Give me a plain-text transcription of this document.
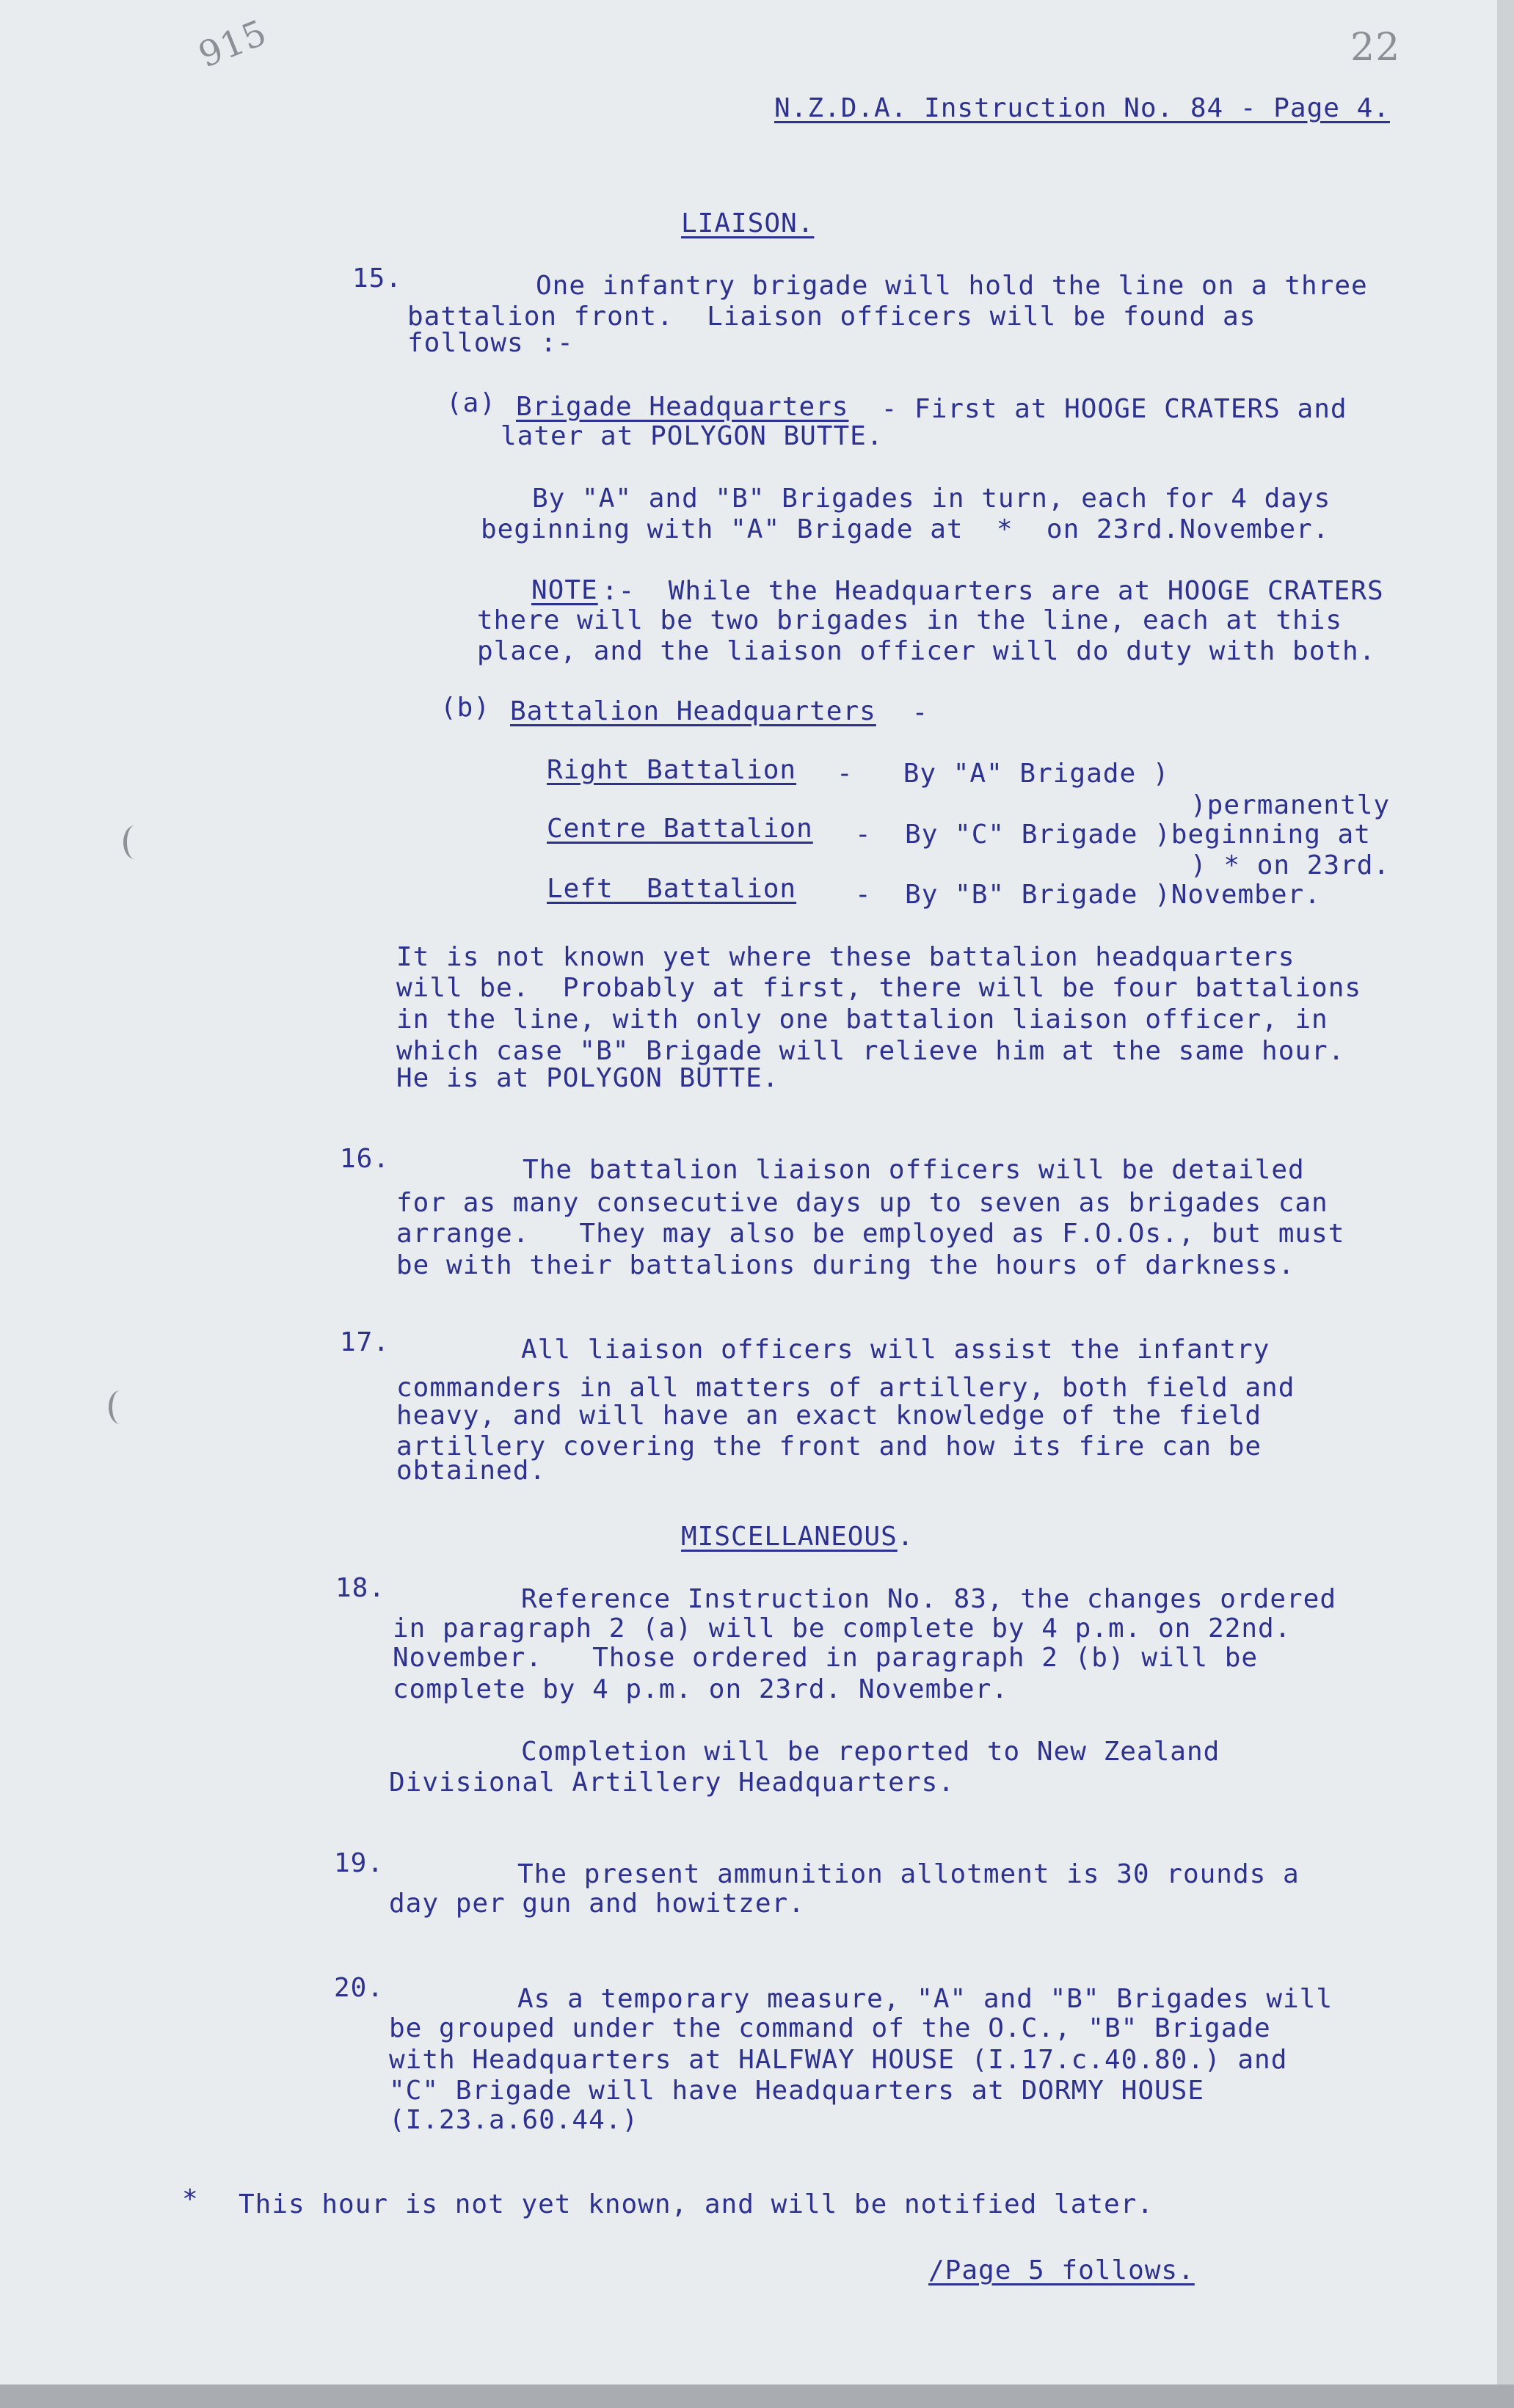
915	22
N.Z.D.A. Instruction No. 84 - Page 4.
LIAISON.
15.	One infantry brigade will hold the line on a three
battalion front.  Liaison officers will be found as
follows :-
(a) Brigade Headquarters - First at HOOGE CRATERS and
later at POLYGON BUTTE.
By "A" and "B" Brigades in turn, each for 4 days
beginning with "A" Brigade at  *  on 23rd.November.
NOTE :-  While the Headquarters are at HOOGE CRATERS
there will be two brigades in the line, each at this
place, and the liaison officer will do duty with both.
(b) Battalion Headquarters -
Right Battalion -   By "A" Brigade )
)permanently
Centre Battalion -  By "C" Brigade )beginning at
) * on 23rd.
Left  Battalion -  By "B" Brigade )November.
It is not known yet where these battalion headquarters
will be.  Probably at first, there will be four battalions
in the line, with only one battalion liaison officer, in
which case "B" Brigade will relieve him at the same hour.
He is at POLYGON BUTTE.
16.	The battalion liaison officers will be detailed
for as many consecutive days up to seven as brigades can
arrange.   They may also be employed as F.O.Os., but must
be with their battalions during the hours of darkness.
17.	All liaison officers will assist the infantry
commanders in all matters of artillery, both field and
heavy, and will have an exact knowledge of the field
artillery covering the front and how its fire can be
obtained.
MISCELLANEOUS.
18.	Reference Instruction No. 83, the changes ordered
in paragraph 2 (a) will be complete by 4 p.m. on 22nd.
November.   Those ordered in paragraph 2 (b) will be
complete by 4 p.m. on 23rd. November.
Completion will be reported to New Zealand
Divisional Artillery Headquarters.
19.	The present ammunition allotment is 30 rounds a
day per gun and howitzer.
20.	As a temporary measure, "A" and "B" Brigades will
be grouped under the command of the O.C., "B" Brigade
with Headquarters at HALFWAY HOUSE (I.17.c.40.80.) and
"C" Brigade will have Headquarters at DORMY HOUSE
(I.23.a.60.44.)
* This hour is not yet known, and will be notified later.
/Page 5 follows.
